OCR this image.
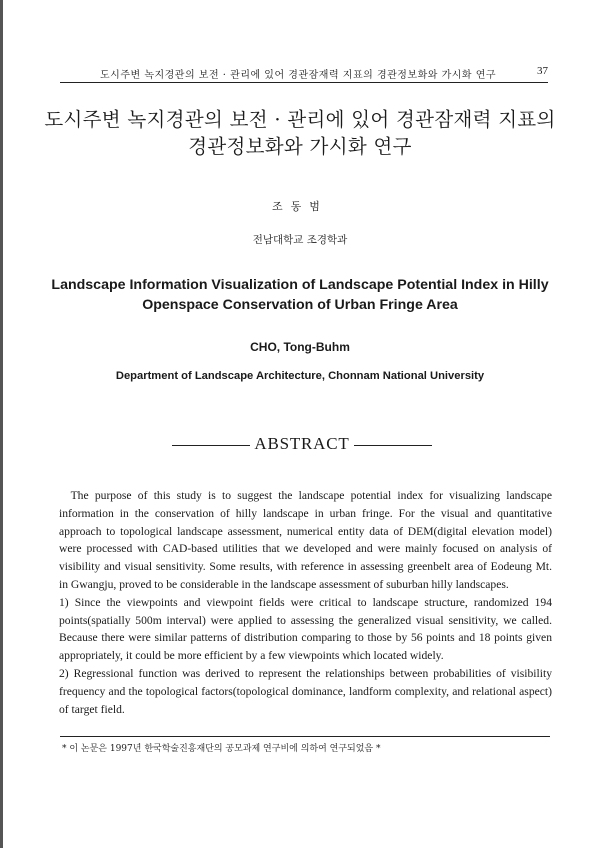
도시주변 녹지경관의 보전 · 관리에 있어 경관잠재력 지표의 경관정보화와 가시화 연구	37
도시주변 녹지경관의 보전 · 관리에 있어 경관잠재력 지표의
경관정보화와 가시화 연구
조동범
전남대학교 조경학과
Landscape Information Visualization of Landscape Potential Index in Hilly
Openspace Conservation of Urban Fringe Area
CHO, Tong-Buhm
Department of Landscape Architecture, Chonnam National University
ABSTRACT

The purpose of this study is to suggest the landscape potential index for visualizing landscape information in the conservation of hilly landscape in urban fringe. For the visual and quantitative approach to topological landscape assessment, numerical entity data of DEM(digital elevation model) were processed with CAD-based utilities that we developed and were mainly focused on analysis of visibility and visual sensitivity. Some results, with reference in assessing greenbelt area of Eodeung Mt. in Gwangju, proved to be considerable in the landscape assessment of suburban hilly landscapes.

1) Since the viewpoints and viewpoint fields were critical to landscape structure, randomized 194 points(spatially 500m interval) were applied to assessing the generalized visual sensitivity, we called. Because there were similar patterns of distribution comparing to those by 56 points and 18 points given appropriately, it could be more efficient by a few viewpoints which located widely.

2) Regressional function was derived to represent the relationships between probabilities of visibility frequency and the topological factors(topological dominance, landform complexity, and relational aspect) of target field.

* 이 논문은 1997년 한국학술진흥재단의 공모과제 연구비에 의하여 연구되었음 *
